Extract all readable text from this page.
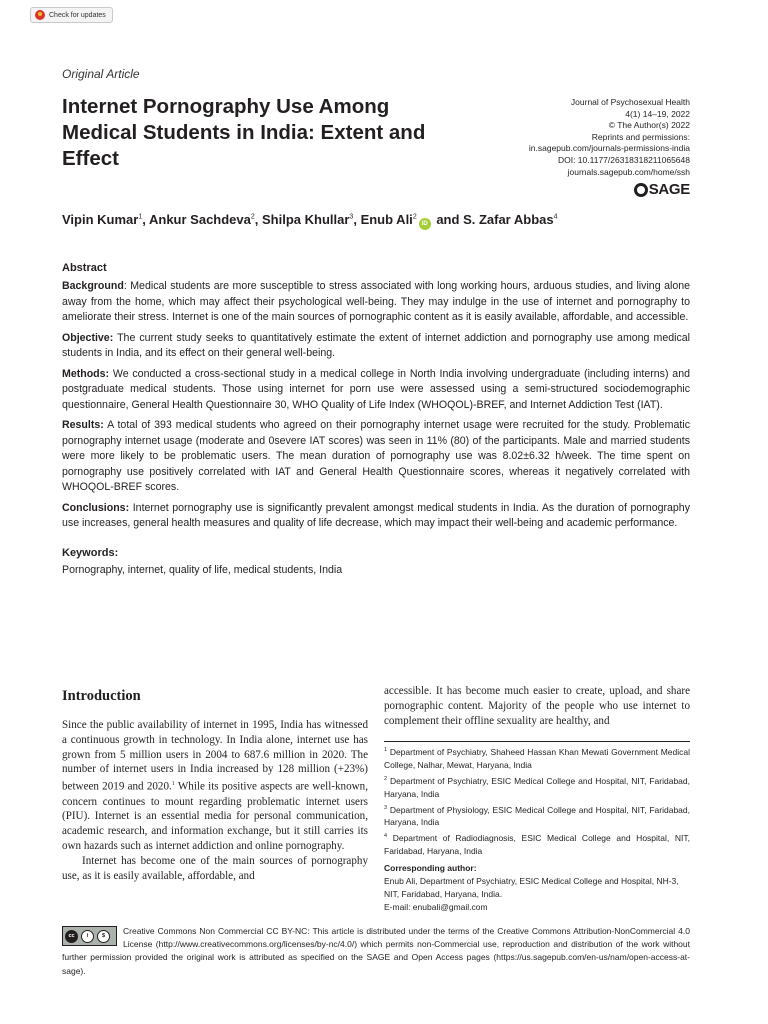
Check for updates
Original Article
Internet Pornography Use Among Medical Students in India: Extent and Effect
Journal of Psychosexual Health
4(1) 14–19, 2022
© The Author(s) 2022
Reprints and permissions:
in.sagepub.com/journals-permissions-india
DOI: 10.1177/26318318211065648
journals.sagepub.com/home/ssh
SAGE
Vipin Kumar$^1$, Ankur Sachdeva$^2$, Shilpa Khullar$^3$, Enub Ali$^2$iD and S. Zafar Abbas$^4$
Abstract

Background: Medical students are more susceptible to stress associated with long working hours, arduous studies, and living alone away from the home, which may affect their psychological well-being. They may indulge in the use of internet and pornography to ameliorate their stress. Internet is one of the main sources of pornographic content as it is easily available, affordable, and accessible.

Objective: The current study seeks to quantitatively estimate the extent of internet addiction and pornography use among medical students in India, and its effect on their general well-being.

Methods: We conducted a cross-sectional study in a medical college in North India involving undergraduate (including interns) and postgraduate medical students. Those using internet for porn use were assessed using a semi-structured sociodemographic questionnaire, General Health Questionnaire 30, WHO Quality of Life Index (WHOQOL)-BREF, and Internet Addiction Test (IAT).

Results: A total of 393 medical students who agreed on their pornography internet usage were recruited for the study. Problematic pornography internet usage (moderate and 0severe IAT scores) was seen in 11% (80) of the participants. Male and married students were more likely to be problematic users. The mean duration of pornography use was 8.02±6.32 h/week. The time spent on pornography use positively correlated with IAT and General Health Questionnaire scores, whereas it negatively correlated with WHOQOL-BREF scores.

Conclusions: Internet pornography use is significantly prevalent amongst medical students in India. As the duration of pornography use increases, general health measures and quality of life decrease, which may impact their well-being and academic performance.

Keywords:
Pornography, internet, quality of life, medical students, India
Introduction

Since the public availability of internet in 1995, India has witnessed a continuous growth in technology. In India alone, internet use has grown from 5 million users in 2004 to 687.6 million in 2020. The number of internet users in India increased by 128 million (+23%) between 2019 and 2020.$^1$ While its positive aspects are well-known, concern continues to mount regarding problematic internet users (PIU). Internet is an essential media for personal communication, academic research, and information exchange, but it still carries its own hazards such as internet addiction and online pornography.

Internet has become one of the main sources of pornography use, as it is easily available, affordable, and

accessible. It has become much easier to create, upload, and share pornographic content. Majority of the people who use internet to complement their offline sexuality are healthy, and
$^1$ Department of Psychiatry, Shaheed Hassan Khan Mewati Government Medical College, Nalhar, Mewat, Haryana, India
$^2$ Department of Psychiatry, ESIC Medical College and Hospital, NIT, Faridabad, Haryana, India
$^3$ Department of Physiology, ESIC Medical College and Hospital, NIT, Faridabad, Haryana, India
$^4$ Department of Radiodiagnosis, ESIC Medical College and Hospital, NIT, Faridabad, Haryana, India
Corresponding author:
Enub Ali, Department of Psychiatry, ESIC Medical College and Hospital, NH-3, NIT, Faridabad, Haryana, India.
E-mail: enubali@gmail.com
cc	i	$	Creative Commons Non Commercial CC BY-NC: This article is distributed under the terms of the Creative Commons Attribution-NonCommercial 4.0 License (http://www.creativecommons.org/licenses/by-nc/4.0/) which permits non-Commercial use, reproduction and distribution of the work without further permission provided the original work is attributed as specified on the SAGE and Open Access pages (https://us.sagepub.com/en-us/nam/open-access-at-sage).
